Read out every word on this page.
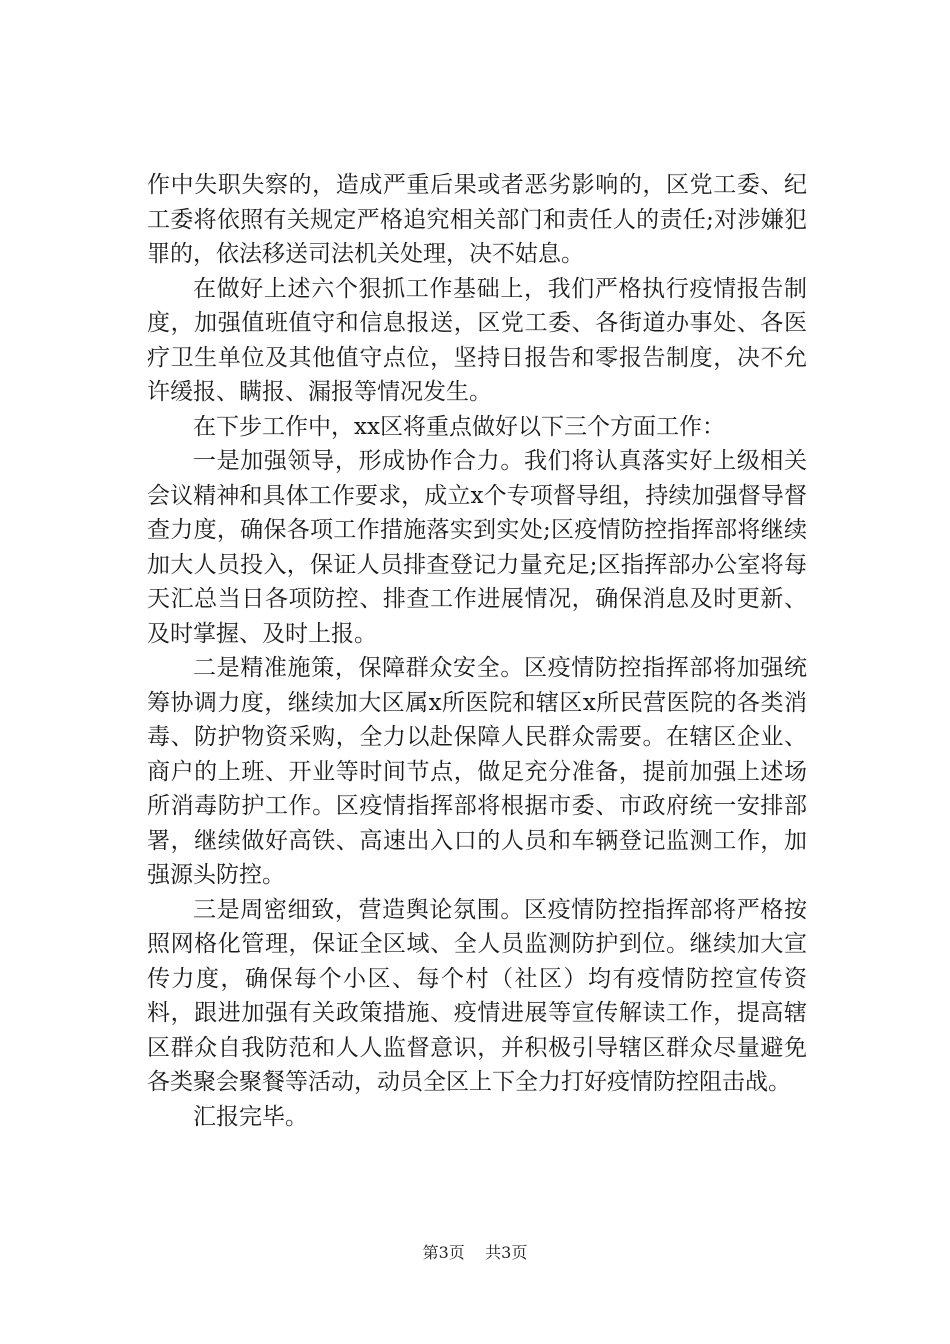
作中失职失察的，造成严重后果或者恶劣影响的，区党工委、纪工委将依照有关规定严格追究相关部门和责任人的责任;对涉嫌犯罪的，依法移送司法机关处理，决不姑息。

在做好上述六个狠抓工作基础上，我们严格执行疫情报告制度，加强值班值守和信息报送，区党工委、各街道办事处、各医疗卫生单位及其他值守点位，坚持日报告和零报告制度，决不允许缓报、瞒报、漏报等情况发生。

在下步工作中，xx区将重点做好以下三个方面工作：

一是加强领导，形成协作合力。我们将认真落实好上级相关会议精神和具体工作要求，成立x个专项督导组，持续加强督导督查力度，确保各项工作措施落实到实处;区疫情防控指挥部将继续加大人员投入，保证人员排查登记力量充足;区指挥部办公室将每天汇总当日各项防控、排查工作进展情况，确保消息及时更新、及时掌握、及时上报。

二是精准施策，保障群众安全。区疫情防控指挥部将加强统筹协调力度，继续加大区属x所医院和辖区x所民营医院的各类消毒、防护物资采购，全力以赴保障人民群众需要。在辖区企业、商户的上班、开业等时间节点，做足充分准备，提前加强上述场所消毒防护工作。区疫情指挥部将根据市委、市政府统一安排部署，继续做好高铁、高速出入口的人员和车辆登记监测工作，加强源头防控。

三是周密细致，营造舆论氛围。区疫情防控指挥部将严格按照网格化管理，保证全区域、全人员监测防护到位。继续加大宣传力度，确保每个小区、每个村（社区）均有疫情防控宣传资料，跟进加强有关政策措施、疫情进展等宣传解读工作，提高辖区群众自我防范和人人监督意识，并积极引导辖区群众尽量避免各类聚会聚餐等活动，动员全区上下全力打好疫情防控阻击战。

汇报完毕。

第3页 共3页
